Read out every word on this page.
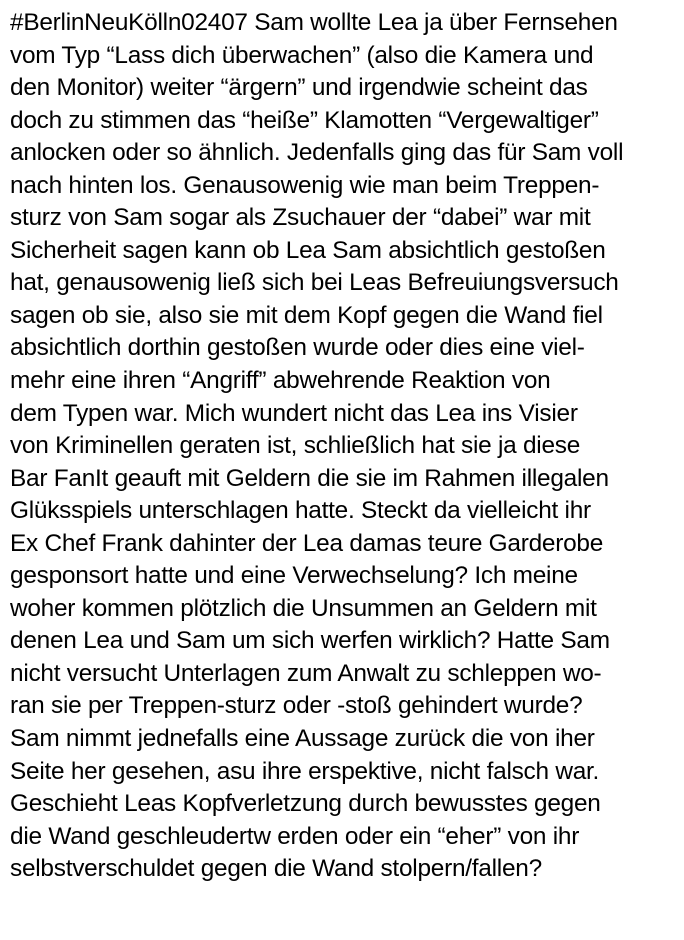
#BerlinNeuKölln02407 Sam wollte Lea ja über Fernsehen
vom Typ “Lass dich überwachen” (also die Kamera und
den Monitor) weiter “ärgern” und irgendwie scheint das
doch zu stimmen das “heiße” Klamotten “Vergewaltiger”
anlocken oder so ähnlich. Jedenfalls ging das für Sam voll
nach hinten los. Genausowenig wie man beim Treppen-
sturz von Sam sogar als Zsuchauer der “dabei” war mit
Sicherheit sagen kann ob Lea Sam absichtlich gestoßen
hat, genausowenig ließ sich bei Leas Befreuiungsversuch
sagen ob sie, also sie mit dem Kopf gegen die Wand fiel
absichtlich dorthin gestoßen wurde oder dies eine viel-
mehr eine ihren “Angriff” abwehrende Reaktion von
dem Typen war. Mich wundert nicht das Lea ins Visier
von Kriminellen geraten ist, schließlich hat sie ja diese
Bar FanIt geauft mit Geldern die sie im Rahmen illegalen
Glüksspiels unterschlagen hatte. Steckt da vielleicht ihr
Ex Chef Frank dahinter der Lea damas teure Garderobe
gesponsort hatte und eine Verwechselung? Ich meine
woher kommen plötzlich die Unsummen an Geldern mit
denen Lea und Sam um sich werfen wirklich? Hatte Sam
nicht versucht Unterlagen zum Anwalt zu schleppen wo-
ran sie per Treppen-sturz oder -stoß gehindert wurde?
Sam nimmt jednefalls eine Aussage zurück die von iher
Seite her gesehen, asu ihre erspektive, nicht falsch war.
Geschieht Leas Kopfverletzung durch bewusstes gegen
die Wand geschleudertw erden oder ein “eher” von ihr
selbstverschuldet gegen die Wand stolpern/fallen?
